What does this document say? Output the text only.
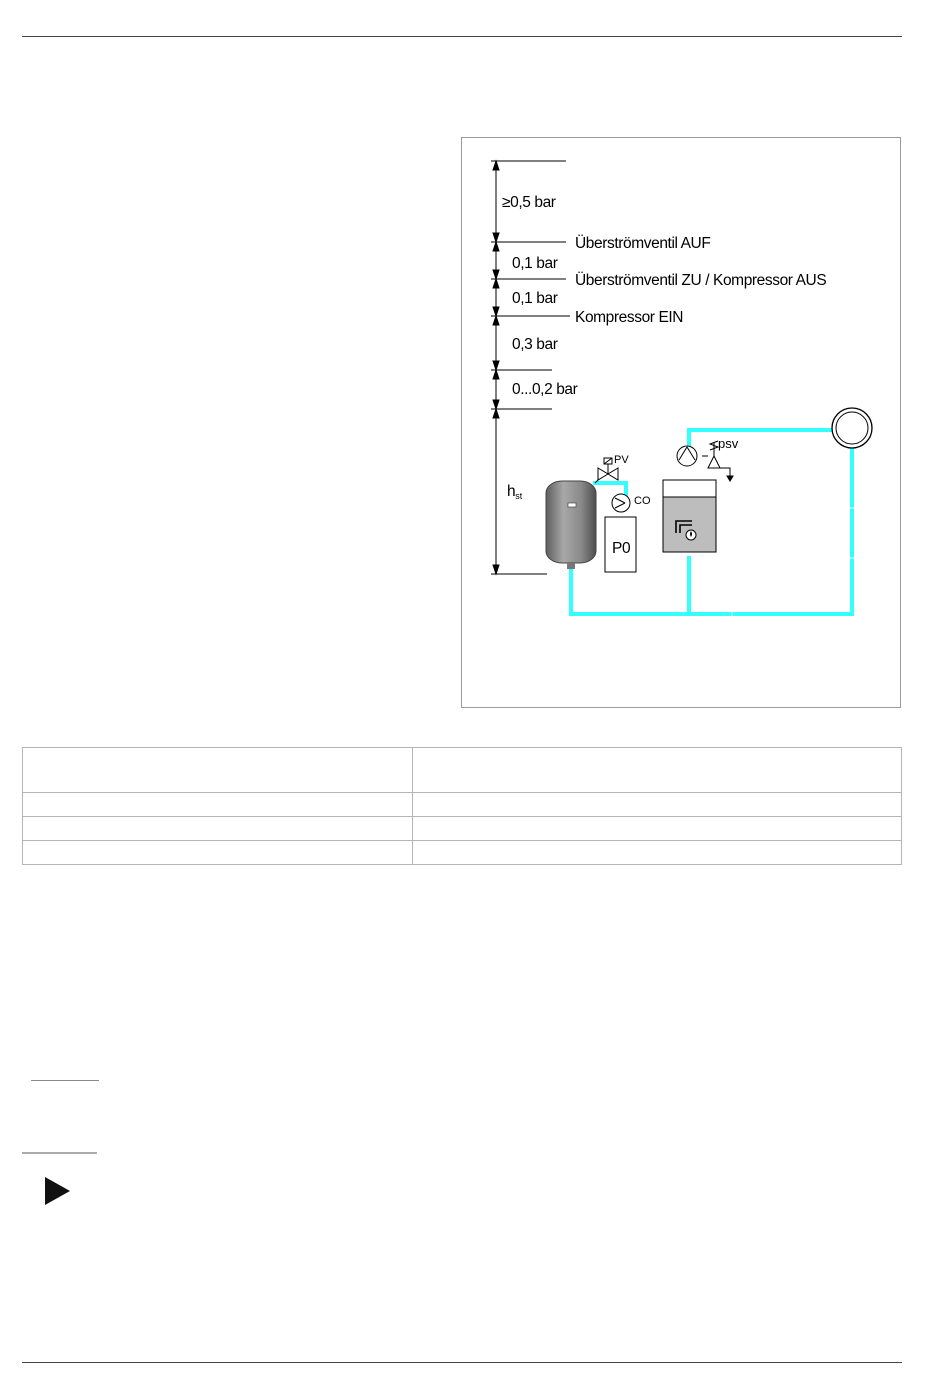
≥0,5 bar
0,1 bar
0,1 bar
0,3 bar
0...0,2 bar
Überströmventil AUF
Überströmventil ZU / Kompressor AUS
Kompressor EIN
hst
PV
CO
P0
psv
